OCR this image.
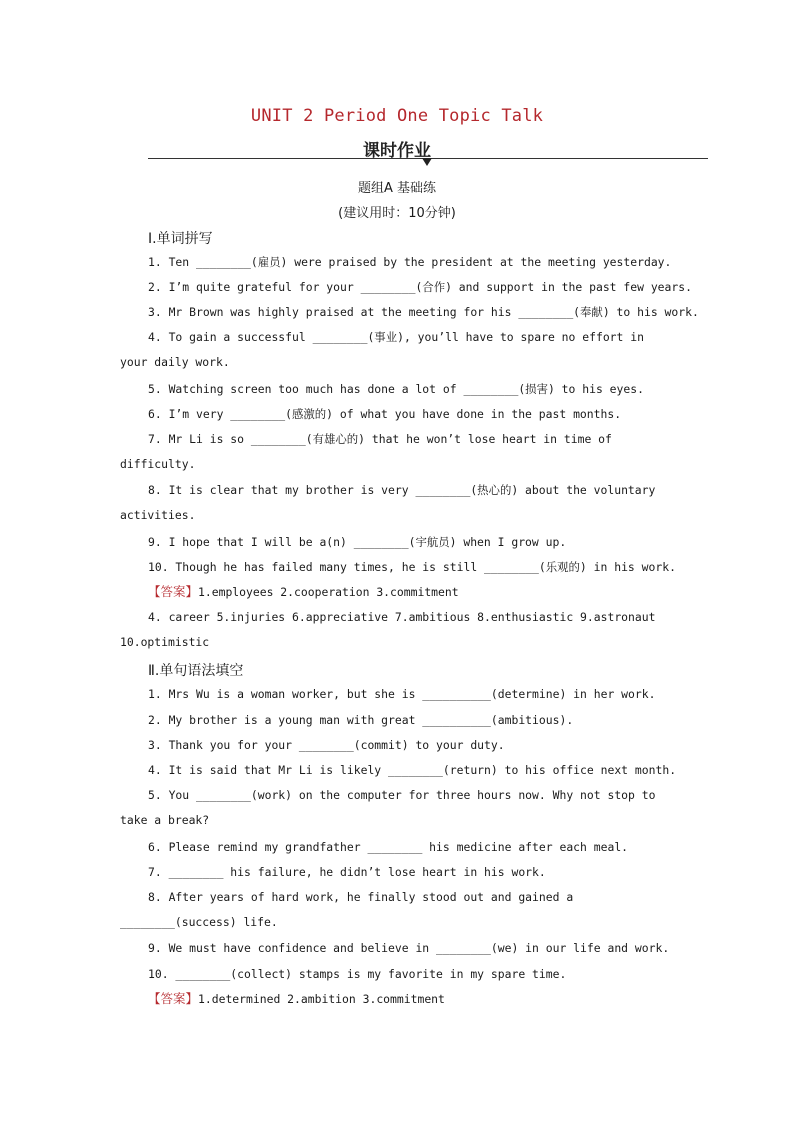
UNIT 2 Period One Topic Talk
课时作业
题组A 基础练
(建议用时：10分钟)
Ⅰ.单词拼写
1. Ten ________(雇员) were praised by the president at the meeting yesterday.
2. I’m quite grateful for your ________(合作) and support in the past few years.
3. Mr Brown was highly praised at the meeting for his ________(奉献) to his work.
4. To gain a successful ________(事业), you’ll have to spare no effort in your daily work.
5. Watching screen too much has done a lot of ________(损害) to his eyes.
6. I’m very ________(感激的) of what you have done in the past months.
7. Mr Li is so ________(有雄心的) that he won’t lose heart in time of difficulty.
8. It is clear that my brother is very ________(热心的) about the voluntary activities.
9. I hope that I will be a(n) ________(宇航员) when I grow up.
10. Though he has failed many times, he is still ________(乐观的) in his work.
【答案】1.employees 2.cooperation 3.commitment
4. career 5.injuries 6.appreciative 7.ambitious 8.enthusiastic 9.astronaut 10.optimistic
Ⅱ.单句语法填空
1. Mrs Wu is a woman worker, but she is __________(determine) in her work.
2. My brother is a young man with great __________(ambitious).
3. Thank you for your ________(commit) to your duty.
4. It is said that Mr Li is likely ________(return) to his office next month.
5. You ________(work) on the computer for three hours now. Why not stop to take a break?
6. Please remind my grandfather ________ his medicine after each meal.
7. ________ his failure, he didn’t lose heart in his work.
8. After years of hard work, he finally stood out and gained a ________(success) life.
9. We must have confidence and believe in ________(we) in our life and work.
10. ________(collect) stamps is my favorite in my spare time.
【答案】1.determined 2.ambition 3.commitment
